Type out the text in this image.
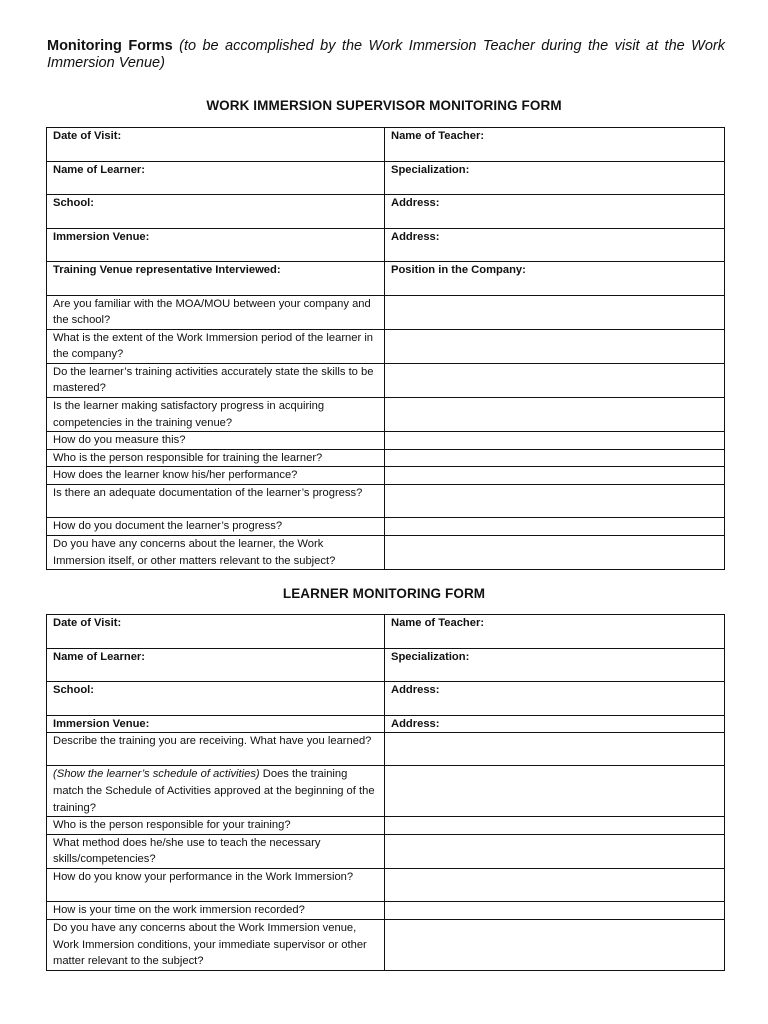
Monitoring Forms (to be accomplished by the Work Immersion Teacher during the visit at the Work Immersion Venue)
WORK IMMERSION SUPERVISOR MONITORING FORM
Date of Visit:	Name of Teacher:
Name of Learner:	Specialization:
School:	Address:
Immersion Venue:	Address:
Training Venue representative Interviewed:	Position in the Company:
Are you familiar with the MOA/MOU between your company and the school?	
What is the extent of the Work Immersion period of the learner in the company?	
Do the learner’s training activities accurately state the skills to be mastered?	
Is the learner making satisfactory progress in acquiring competencies in the training venue?	
How do you measure this?	
Who is the person responsible for training the learner?	
How does the learner know his/her performance?	
Is there an adequate documentation of the learner’s progress?	
How do you document the learner’s progress?	
Do you have any concerns about the learner, the Work Immersion itself, or other matters relevant to the subject?	
LEARNER MONITORING FORM
Date of Visit:	Name of Teacher:
Name of Learner:	Specialization:
School:	Address:
Immersion Venue:	Address:
Describe the training you are receiving. What have you learned?	
(Show the learner’s schedule of activities) Does the training match the Schedule of Activities approved at the beginning of the training?	
Who is the person responsible for your training?	
What method does he/she use to teach the necessary skills/competencies?	
How do you know your performance in the Work Immersion?	
How is your time on the work immersion recorded?	
Do you have any concerns about the Work Immersion venue, Work Immersion conditions, your immediate supervisor or other matter relevant to the subject?	
